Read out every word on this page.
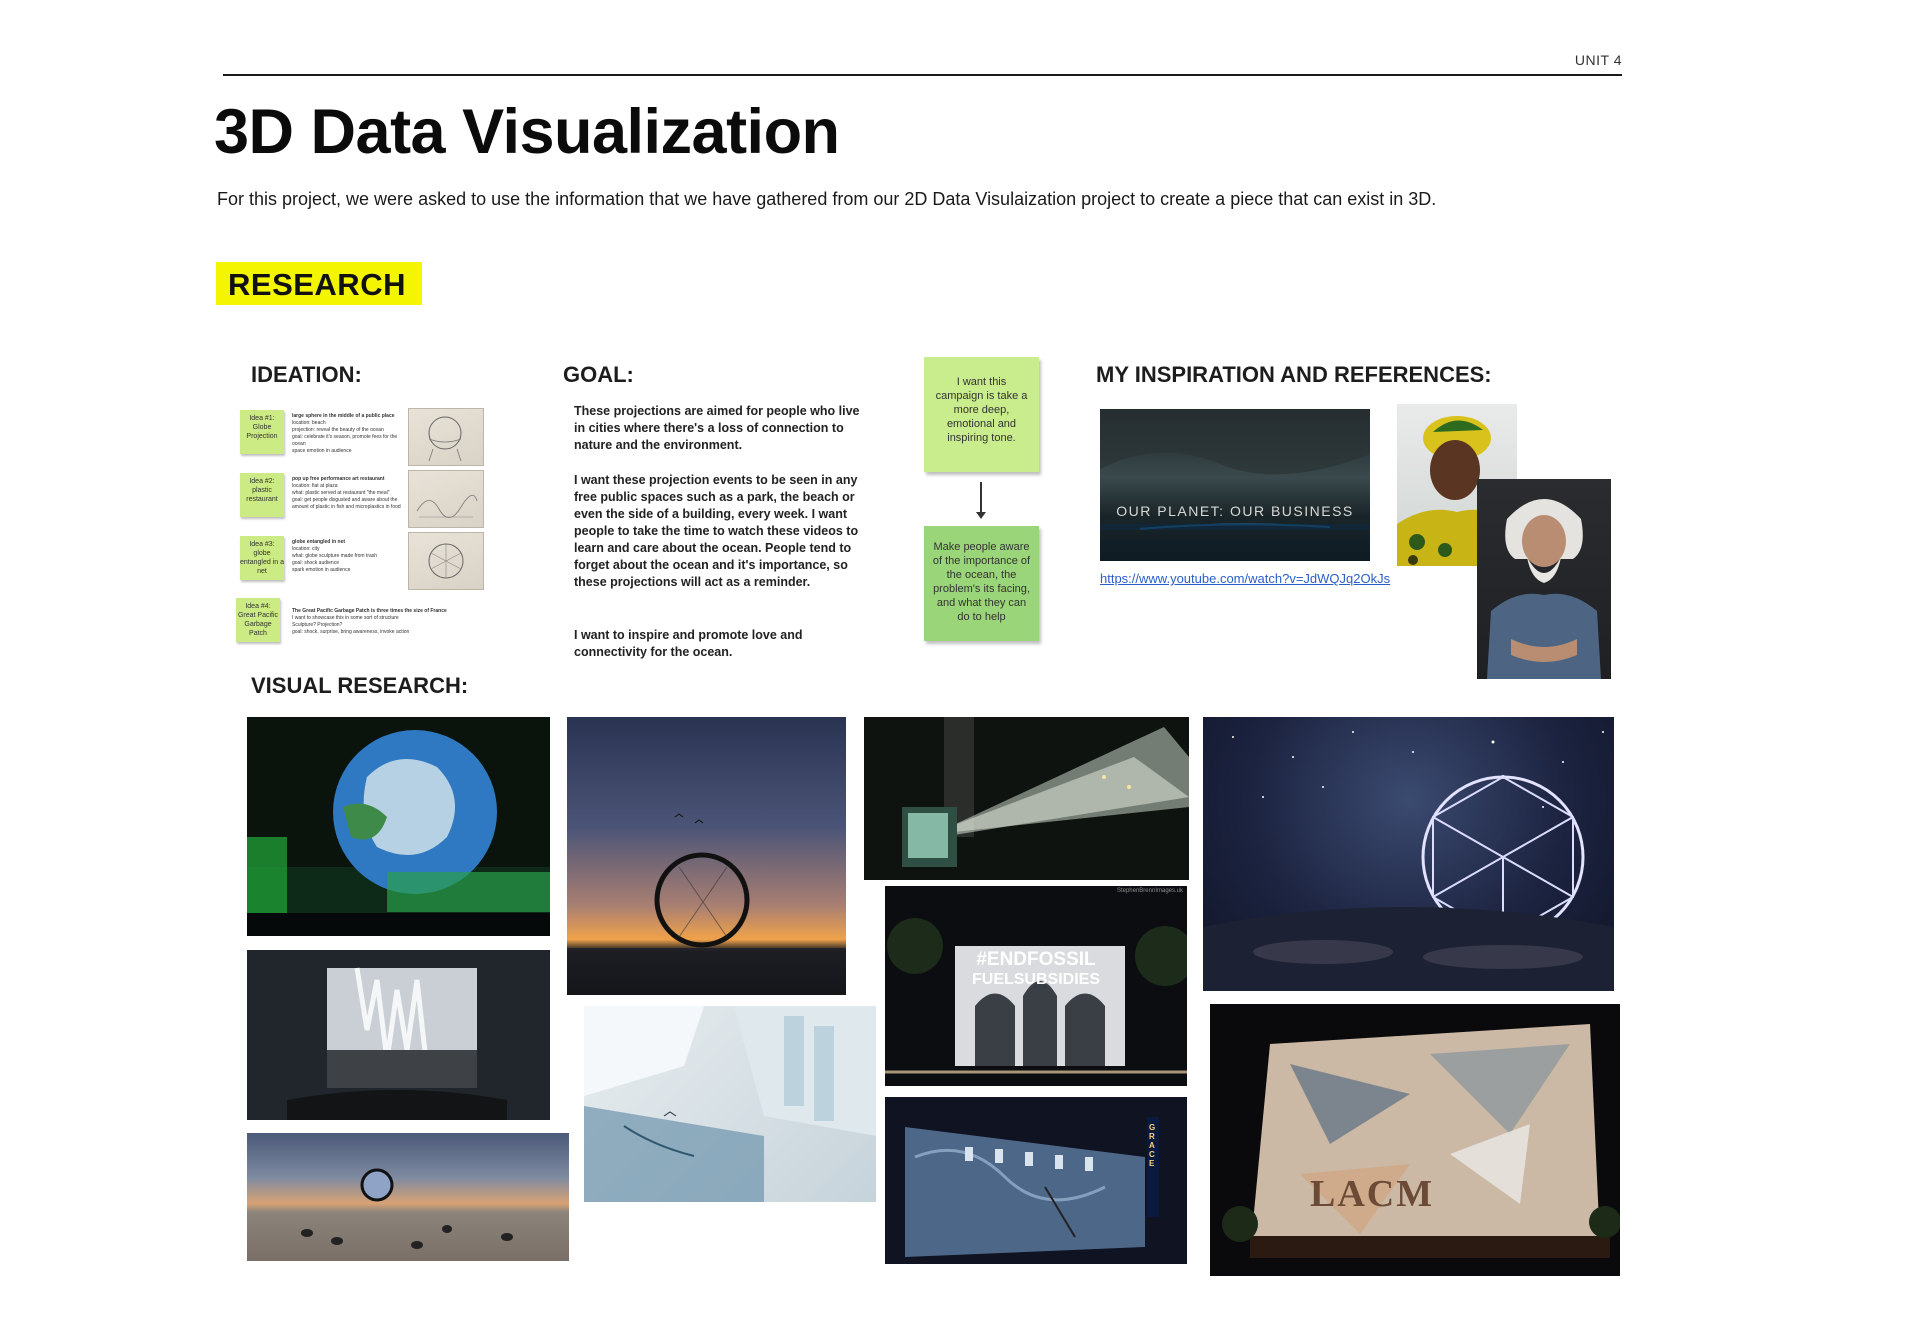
UNIT 4
3D Data Visualization
For this project, we were asked to use the information that we have gathered from our 2D Data Visulaization project to create a piece that can exist in 3D.
RESEARCH
IDEATION:
Idea #1: Globe Projection
large sphere in the middle of a public place
location: beach
projection: reveal the beauty of the ocean
goal: celebrate it's season, promote fees for the ocean
space emotion in audience
Idea #2: plastic restaurant
pop up free performance art restaurant
location: fiat at plaza
what: plastic served at restaurant "the meal"
goal: get people disgusted and aware about the
amount of plastic in fish and microplastics in food
Idea #3: globe entangled in a net
globe entangled in net
location: city
what: globe sculpture made from trash
goal: shock audience
spark emotion in audience
Idea #4: Great Pacific Garbage Patch
The Great Pacific Garbage Patch is three times the size of France
I want to showcase this in some sort of structure
Sculpture? Projection?
goal: shock, surprise, bring awareness, invoke action
GOAL:
These projections are aimed for people who live in cities where there's a loss of connection to nature and the environment.
I want these projection events to be seen in any free public spaces such as a park, the beach or even the side of a building, every week. I want people to take the time to watch these videos to learn and care about the ocean. People tend to forget about the ocean and it's importance, so these projections will act as a reminder.
I want to inspire and promote love and connectivity for the ocean.
I want this campaign is take a more deep, emotional and inspiring tone.
Make people aware of the importance of the ocean, the problem's its facing, and what they can do to help
MY INSPIRATION AND REFERENCES:
OUR PLANET: OUR BUSINESS
https://www.youtube.com/watch?v=JdWQJq2OkJs
VISUAL RESEARCH:
#ENDFOSSIL
FUELSUBSIDIES
StephenBrennImages.uk
GRACE
LACM
